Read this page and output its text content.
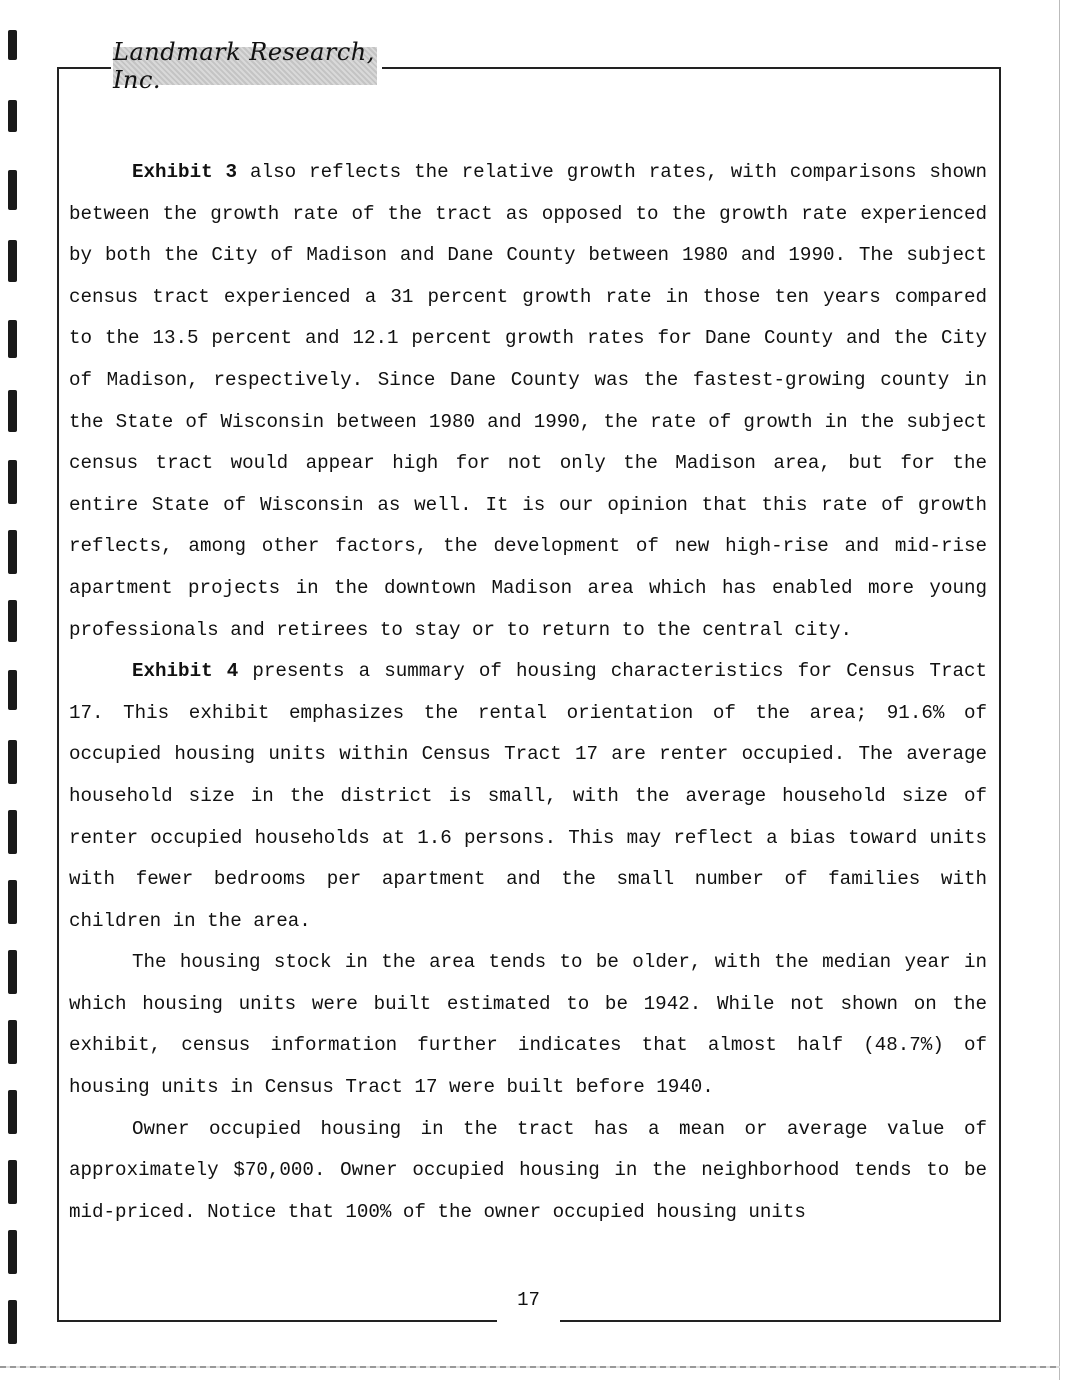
Landmark Research, Inc.

Exhibit 3 also reflects the relative growth rates, with comparisons shown between the growth rate of the tract as opposed to the growth rate experienced by both the City of Madison and Dane County between 1980 and 1990. The subject census tract experienced a 31 percent growth rate in those ten years compared to the 13.5 percent and 12.1 percent growth rates for Dane County and the City of Madison, respectively. Since Dane County was the fastest-growing county in the State of Wisconsin between 1980 and 1990, the rate of growth in the subject census tract would appear high for not only the Madison area, but for the entire State of Wisconsin as well. It is our opinion that this rate of growth reflects, among other factors, the development of new high-rise and mid-rise apartment projects in the downtown Madison area which has enabled more young professionals and retirees to stay or to return to the central city.

Exhibit 4 presents a summary of housing characteristics for Census Tract 17. This exhibit emphasizes the rental orientation of the area; 91.6% of occupied housing units within Census Tract 17 are renter occupied. The average household size in the district is small, with the average household size of renter occupied households at 1.6 persons. This may reflect a bias toward units with fewer bedrooms per apartment and the small number of families with children in the area.

The housing stock in the area tends to be older, with the median year in which housing units were built estimated to be 1942. While not shown on the exhibit, census information further indicates that almost half (48.7%) of housing units in Census Tract 17 were built before 1940.

Owner occupied housing in the tract has a mean or average value of approximately $70,000. Owner occupied housing in the neighborhood tends to be mid-priced. Notice that 100% of the owner occupied housing units

17
